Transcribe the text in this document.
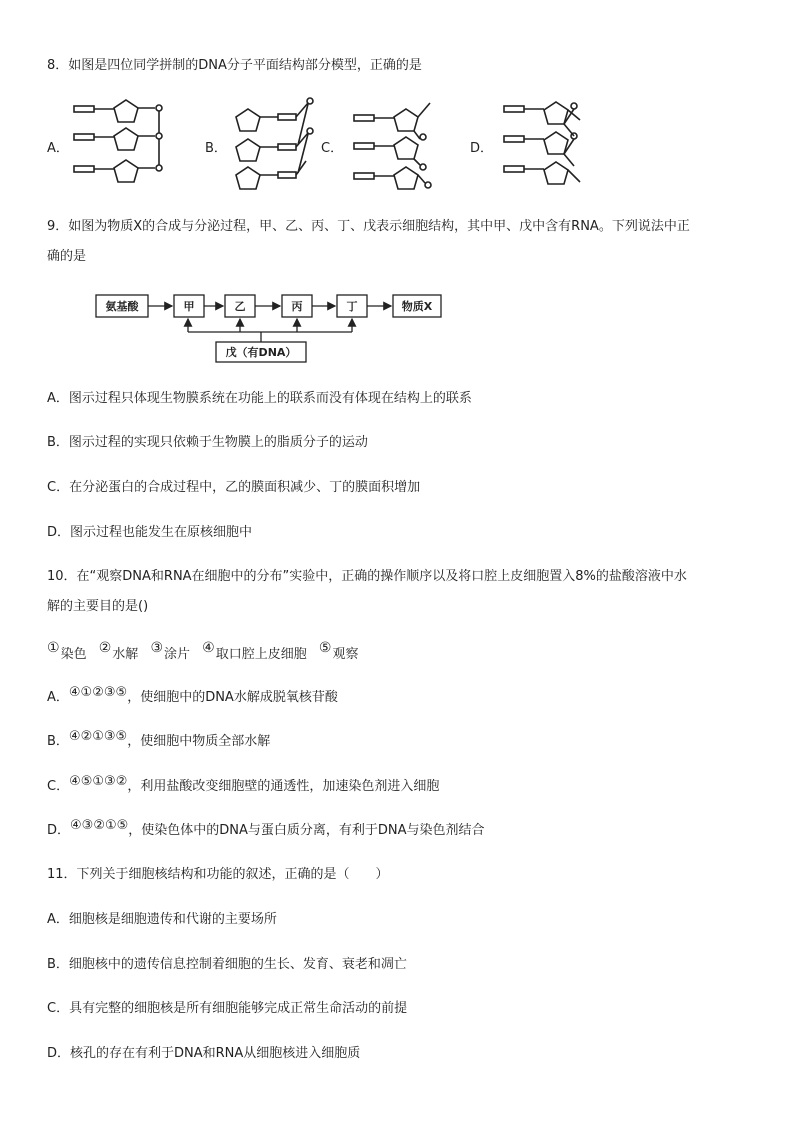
8．如图是四位同学拼制的DNA分子平面结构部分模型，正确的是
A．	B．	C．	D．
9．如图为物质X的合成与分泌过程，甲、乙、丙、丁、戊表示细胞结构，其中甲、戊中含有RNA。下列说法中正
确的是
氨基酸	甲	乙	丙	丁	物质X
戊（有DNA）
A．图示过程只体现生物膜系统在功能上的联系而没有体现在结构上的联系
B．图示过程的实现只依赖于生物膜上的脂质分子的运动
C．在分泌蛋白的合成过程中，乙的膜面积减少、丁的膜面积增加
D．图示过程也能发生在原核细胞中
10．在“观察DNA和RNA在细胞中的分布”实验中，正确的操作顺序以及将口腔上皮细胞置入8%的盐酸溶液中水
解的主要目的是()
①染色 ②水解 ③涂片 ④取口腔上皮细胞 ⑤观察
A．④①②③⑤，使细胞中的DNA水解成脱氧核苷酸
B．④②①③⑤，使细胞中物质全部水解
C．④⑤①③②，利用盐酸改变细胞壁的通透性，加速染色剂进入细胞
D．④③②①⑤，使染色体中的DNA与蛋白质分离，有利于DNA与染色剂结合
11．下列关于细胞核结构和功能的叙述，正确的是（　　）
A．细胞核是细胞遗传和代谢的主要场所
B．细胞核中的遗传信息控制着细胞的生长、发育、衰老和凋亡
C．具有完整的细胞核是所有细胞能够完成正常生命活动的前提
D．核孔的存在有利于DNA和RNA从细胞核进入细胞质
